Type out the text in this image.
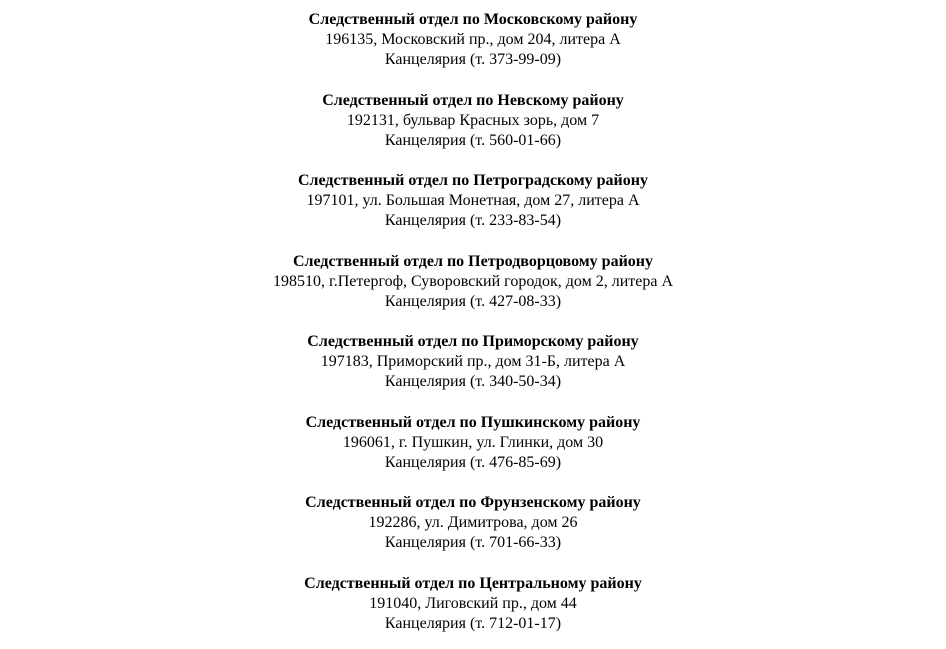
Следственный отдел по Московскому району
196135, Московский пр., дом 204, литера А
Канцелярия (т. 373-99-09)
Следственный отдел по Невскому району
192131, бульвар Красных зорь, дом 7
Канцелярия (т. 560-01-66)
Следственный отдел по Петроградскому району
197101, ул. Большая Монетная, дом 27, литера А
Канцелярия (т. 233-83-54)
Следственный отдел по Петродворцовому району
198510, г.Петергоф, Суворовский городок, дом 2, литера А
Канцелярия (т. 427-08-33)
Следственный отдел по Приморскому району
197183, Приморский пр., дом 31-Б, литера А
Канцелярия (т. 340-50-34)
Следственный отдел по Пушкинскому району
196061, г. Пушкин, ул. Глинки, дом 30
Канцелярия (т. 476-85-69)
Следственный отдел по Фрунзенскому району
192286, ул. Димитрова, дом 26
Канцелярия (т. 701-66-33)
Следственный отдел по Центральному району
191040, Лиговский пр., дом 44
Канцелярия (т. 712-01-17)
